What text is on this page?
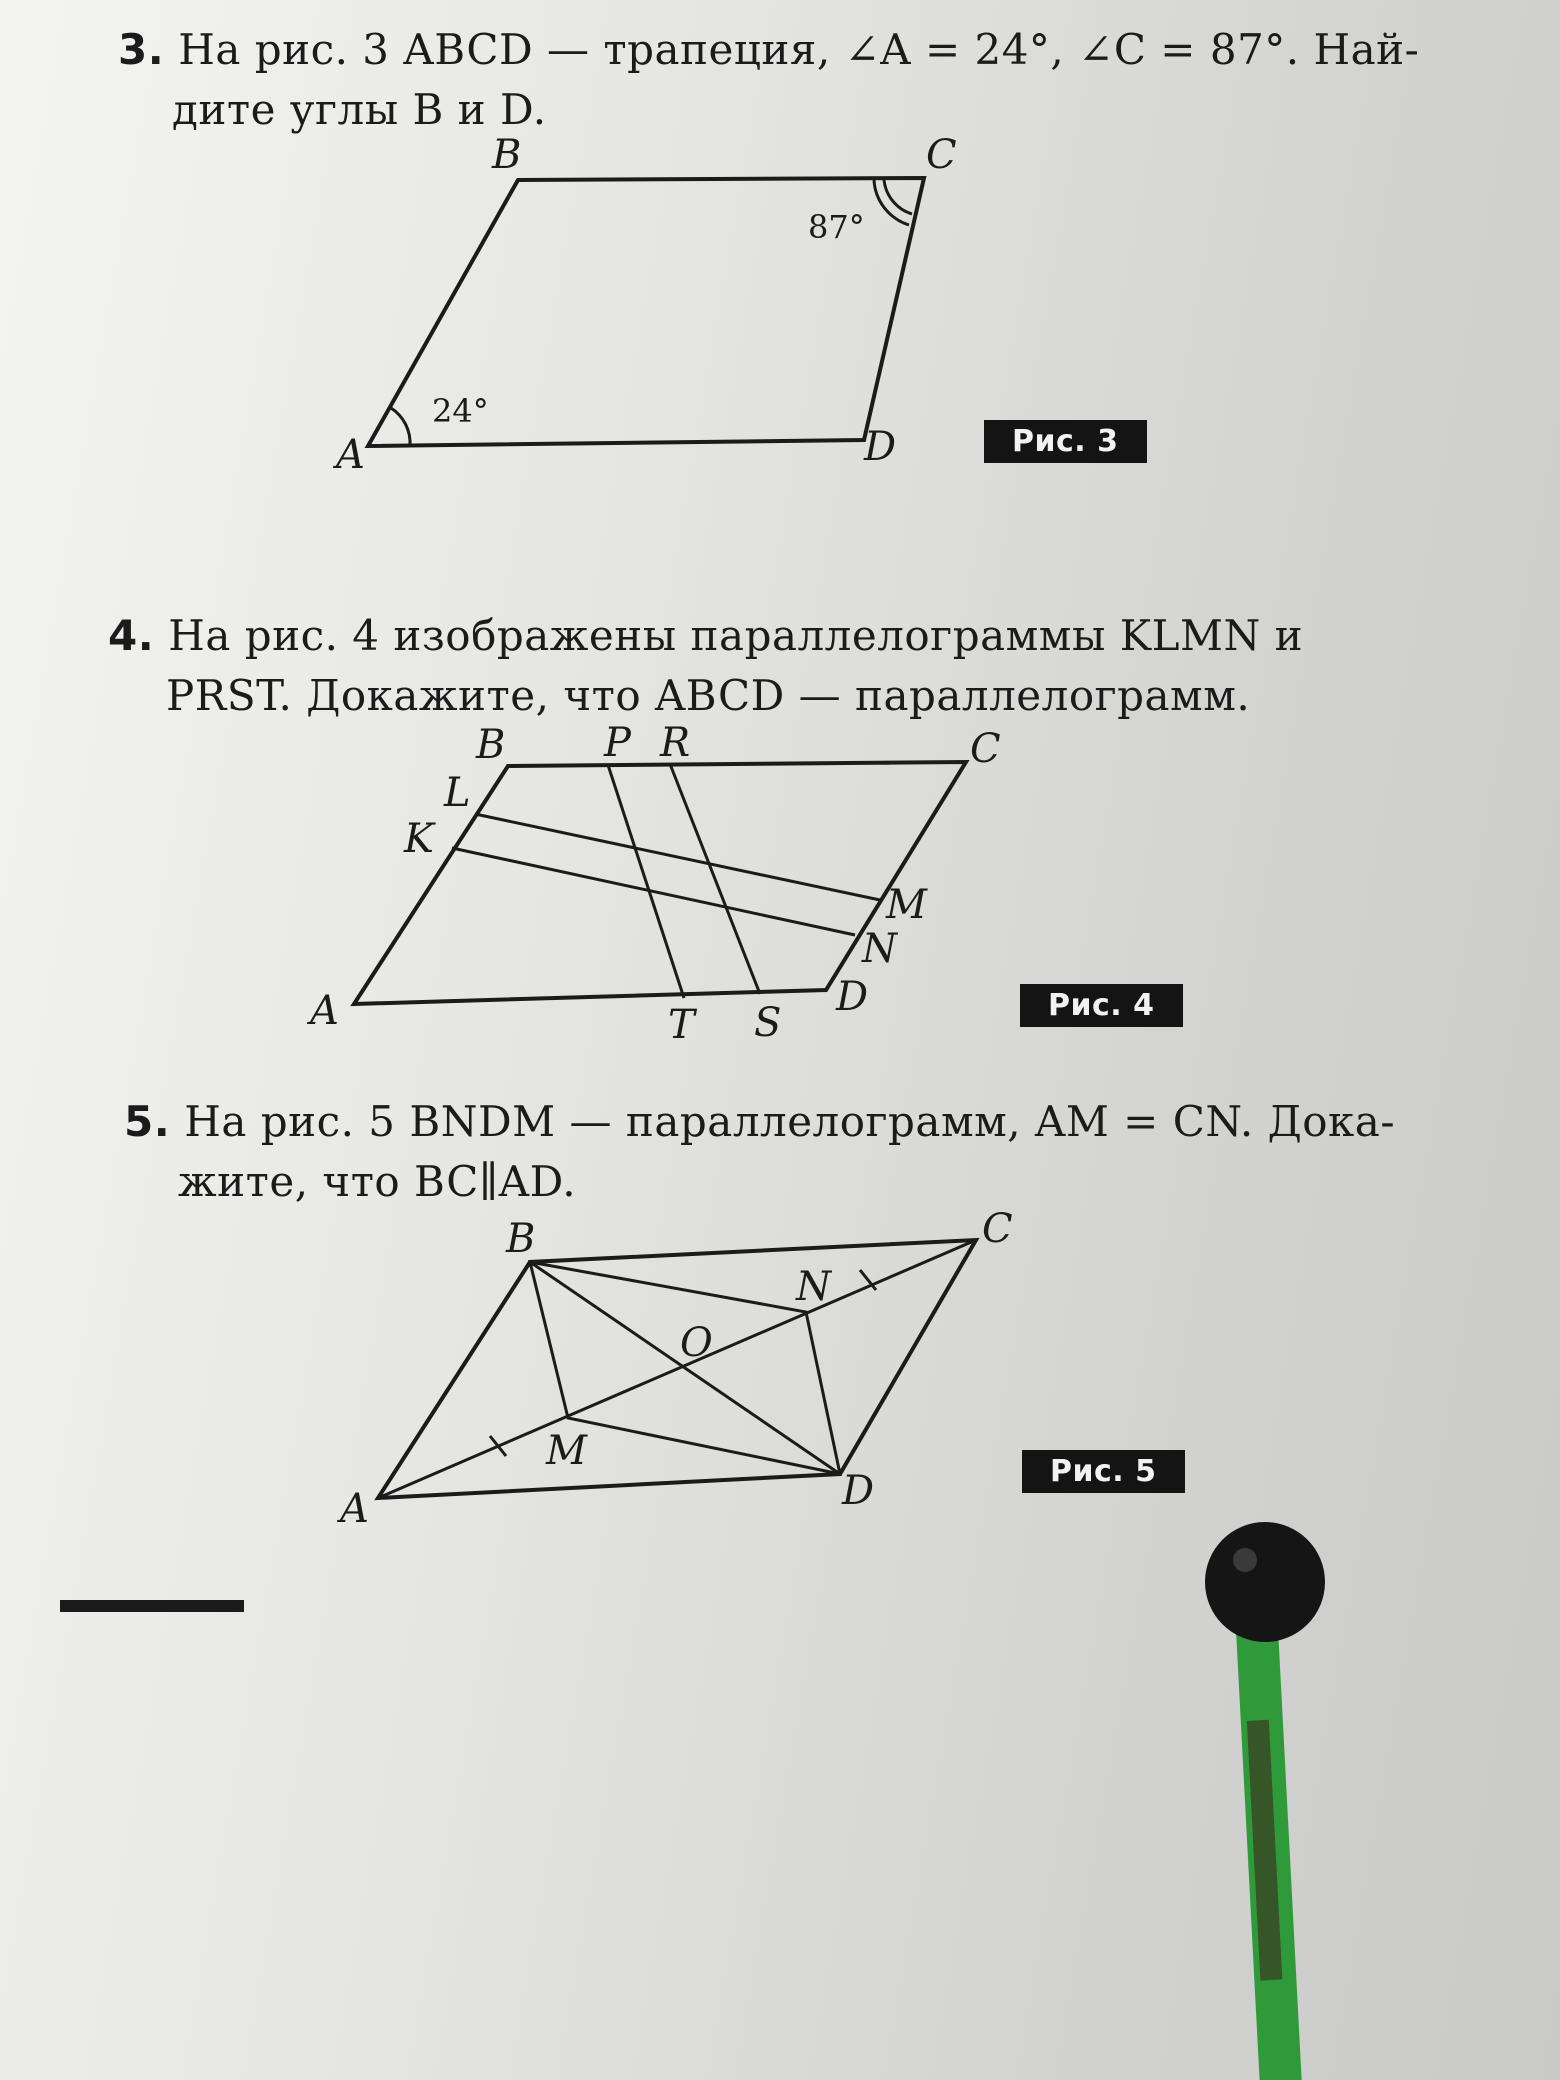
3. На рис. 3 ABCD — трапеция, ∠A = 24°, ∠C = 87°. Най-
дите углы B и D.
A
B	C
D
24°
87°
Рис. 3
4. На рис. 4 изображены параллелограммы KLMN и
PRST. Докажите, что ABCD — параллелограмм.
A
B	C
D
K
L
M
N
P R
S
T	Рис. 4
5. На рис. 5 BNDM — параллелограмм, AM = CN. Дока-
жите, что BC∥AD.
A
B	C
D
M
N
O
Рис. 5
